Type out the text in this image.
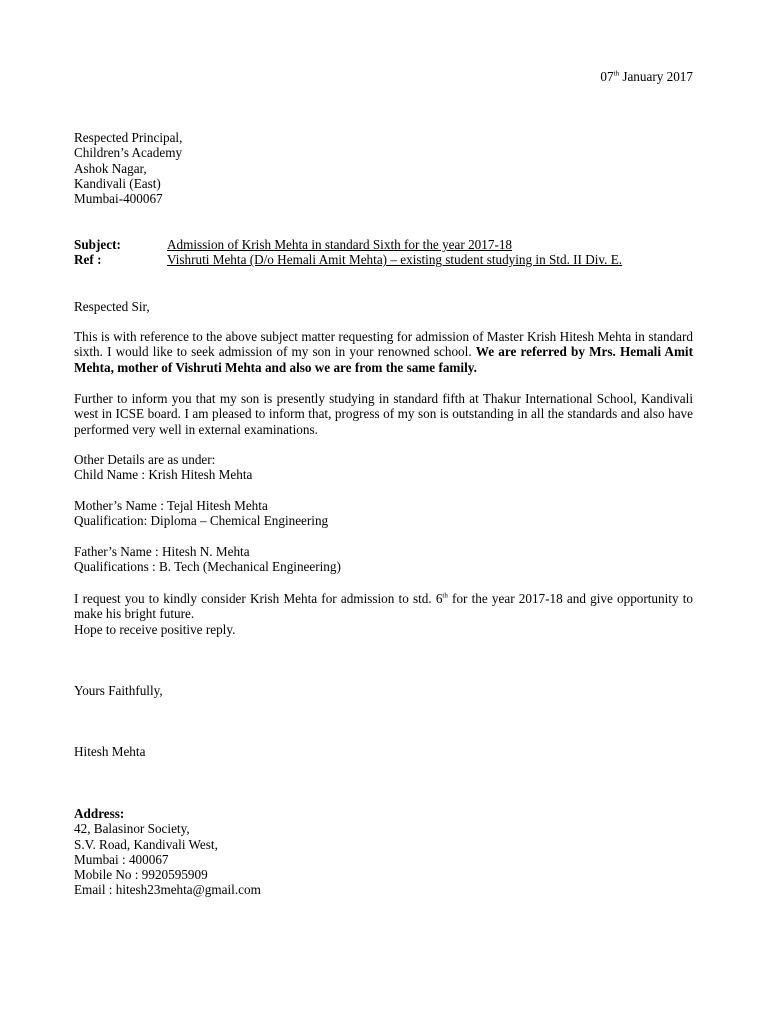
07th January 2017
Respected Principal,
Children’s Academy
Ashok Nagar,
Kandivali (East)
Mumbai-400067
Subject:	Admission of Krish Mehta in standard Sixth for the year 2017-18
Ref :	Vishruti Mehta (D/o Hemali Amit Mehta) – existing student studying in Std. II Div. E.

Respected Sir,

This is with reference to the above subject matter requesting for admission of Master Krish Hitesh Mehta in standard sixth. I would like to seek admission of my son in your renowned school. We are referred by Mrs. Hemali Amit Mehta, mother of Vishruti Mehta and also we are from the same family.

Further to inform you that my son is presently studying in standard fifth at Thakur International School, Kandivali west in ICSE board. I am pleased to inform that, progress of my son is outstanding in all the standards and also have performed very well in external examinations.

Other Details are as under:
Child Name : Krish Hitesh Mehta
Mother’s Name : Tejal Hitesh Mehta
Qualification: Diploma – Chemical Engineering
Father’s Name : Hitesh N. Mehta
Qualifications : B. Tech (Mechanical Engineering)

I request you to kindly consider Krish Mehta for admission to std. 6th for the year 2017-18 and give opportunity to make his bright future.

Hope to receive positive reply.

Yours Faithfully,

Hitesh Mehta

Address:
42, Balasinor Society,
S.V. Road, Kandivali West,
Mumbai : 400067
Mobile No : 9920595909
Email : hitesh23mehta@gmail.com
